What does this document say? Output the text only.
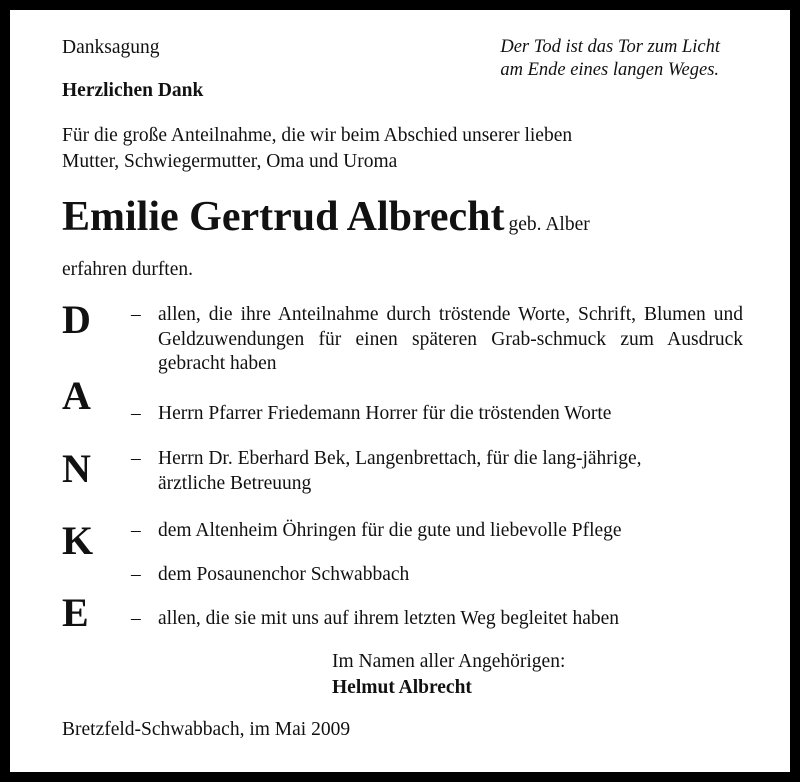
Danksagung
Herzlichen Dank
Der Tod ist das Tor zum Licht
am Ende eines langen Weges.
Für die große Anteilnahme, die wir beim Abschied unserer lieben
Mutter, Schwiegermutter, Oma und Uroma
Emilie Gertrud Albrecht geb. Alber
erfahren durften.
D
A
N
K
E
– allen, die ihre Anteilnahme durch tröstende Worte, Schrift, Blumen und Geldzuwendungen für einen späteren Grab-schmuck zum Ausdruck gebracht haben
– Herrn Pfarrer Friedemann Horrer für die tröstenden Worte
– Herrn Dr. Eberhard Bek, Langenbrettach, für die lang-jährige, ärztliche Betreuung
– dem Altenheim Öhringen für die gute und liebevolle Pflege
– dem Posaunenchor Schwabbach
– allen, die sie mit uns auf ihrem letzten Weg begleitet haben
Im Namen aller Angehörigen:
Helmut Albrecht
Bretzfeld-Schwabbach, im Mai 2009
